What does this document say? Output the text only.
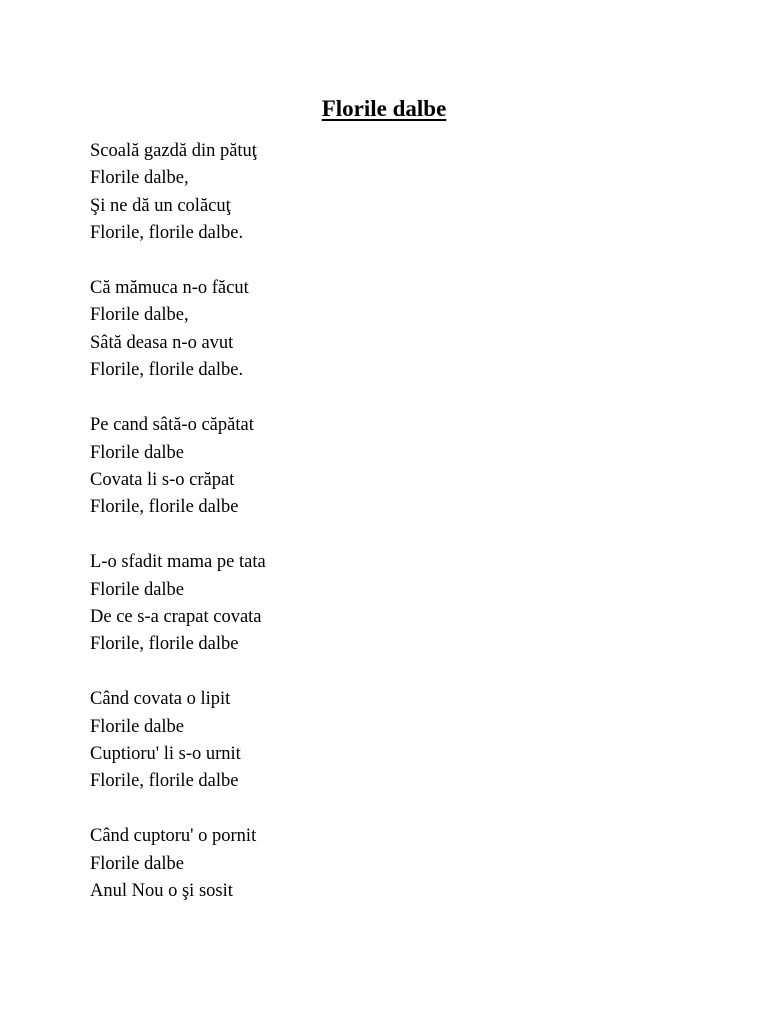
Florile dalbe
Scoală gazdă din pătuţ
Florile dalbe,
Şi ne dă un colăcuţ
Florile, florile dalbe.
Că mămuca n-o făcut
Florile dalbe,
Sâtă deasa n-o avut
Florile, florile dalbe.
Pe cand sâtă-o căpătat
Florile dalbe
Covata li s-o crăpat
Florile, florile dalbe
L-o sfadit mama pe tata
Florile dalbe
De ce s-a crapat covata
Florile, florile dalbe
Când covata o lipit
Florile dalbe
Cuptioru' li s-o urnit
Florile, florile dalbe
Când cuptoru' o pornit
Florile dalbe
Anul Nou o şi sosit
